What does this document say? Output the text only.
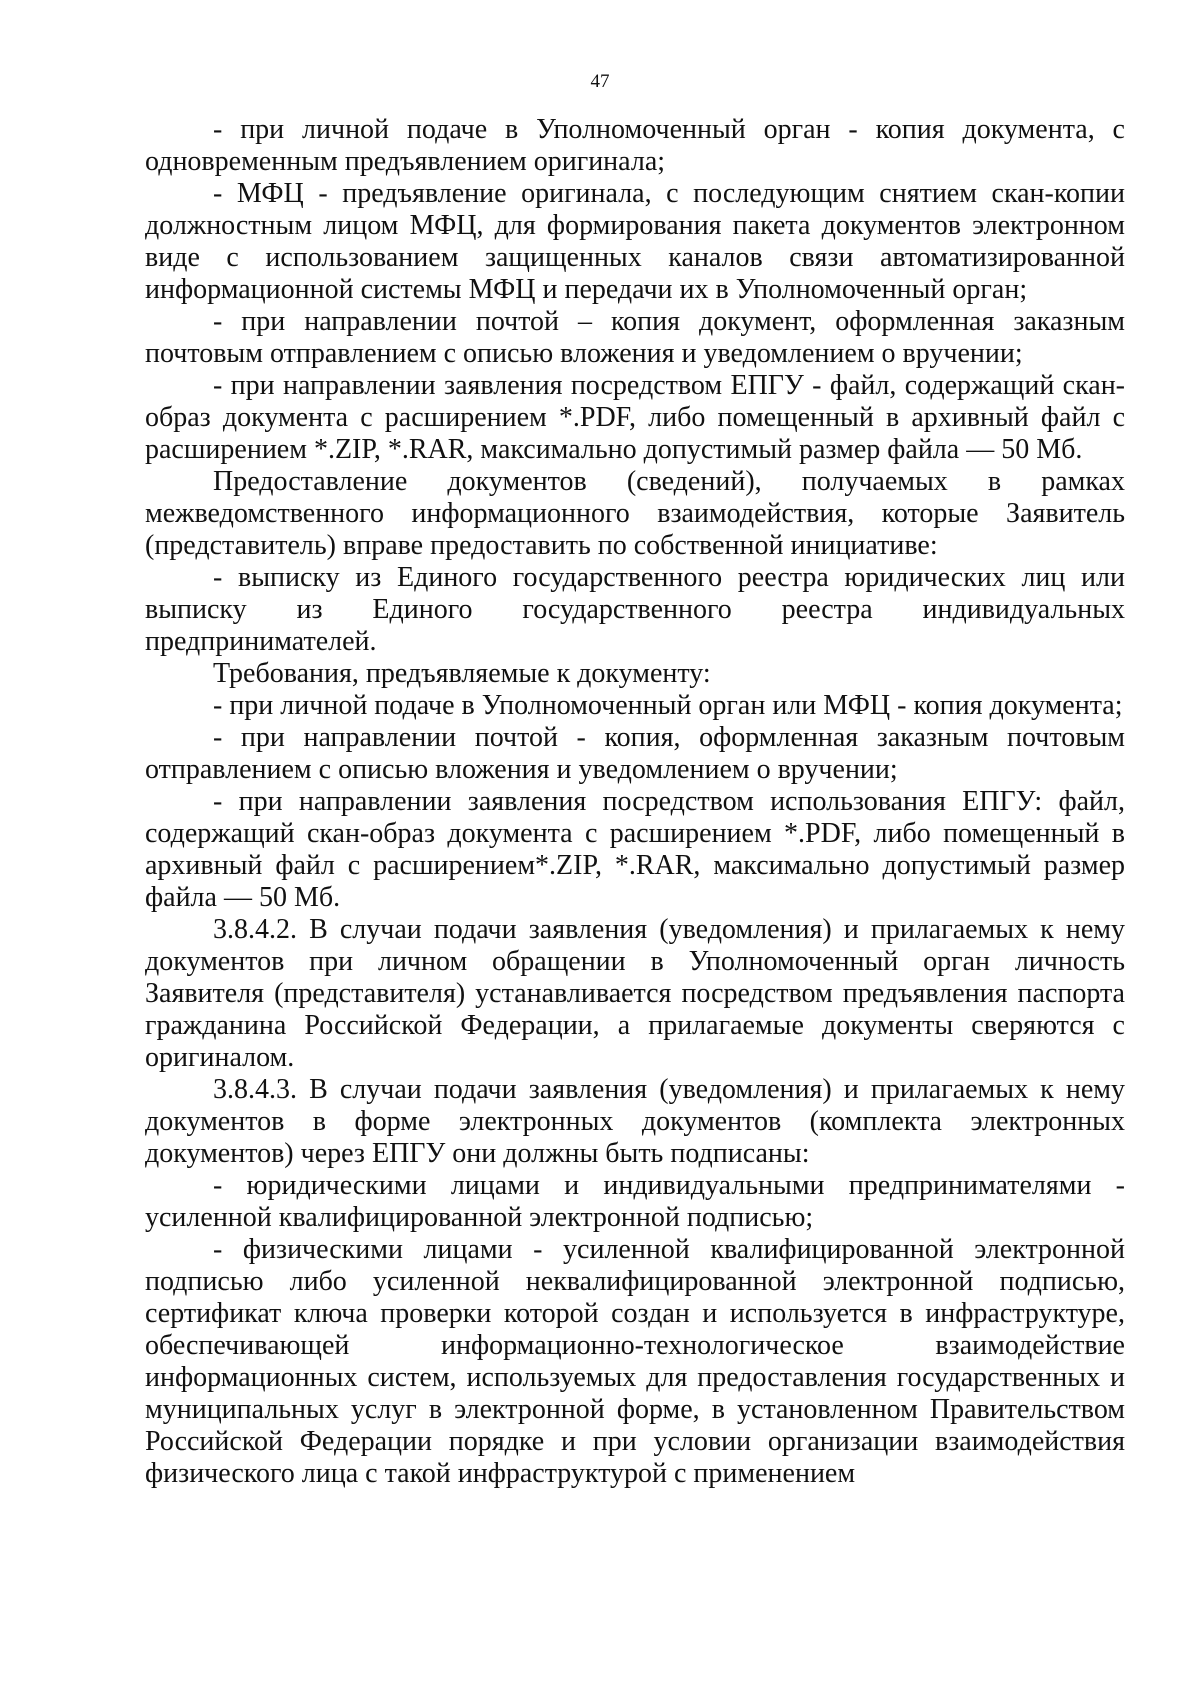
47

- при личной подаче в Уполномоченный орган - копия документа, с одновременным предъявлением оригинала;

- МФЦ - предъявление оригинала, с последующим снятием скан-копии должностным лицом МФЦ, для формирования пакета документов электронном виде с использованием защищенных каналов связи автоматизированной информационной системы МФЦ и передачи их в Уполномоченный орган;

- при направлении почтой – копия документ, оформленная заказным почтовым отправлением с описью вложения и уведомлением о вручении;

- при направлении заявления посредством ЕПГУ - файл, содержащий скан-образ документа с расширением *.PDF, либо помещенный в архивный файл с расширением *.ZIP, *.RAR, максимально допустимый размер файла — 50 Мб.

Предоставление документов (сведений), получаемых в рамках межведомственного информационного взаимодействия, которые Заявитель (представитель) вправе предоставить по собственной инициативе:

- выписку из Единого государственного реестра юридических лиц или выписку из Единого государственного реестра индивидуальных предпринимателей.

Требования, предъявляемые к документу:

- при личной подаче в Уполномоченный орган или МФЦ - копия документа;

- при направлении почтой - копия, оформленная заказным почтовым отправлением с описью вложения и уведомлением о вручении;

- при направлении заявления посредством использования ЕПГУ: файл, содержащий скан-образ документа с расширением *.PDF, либо помещенный в архивный файл с расширением*.ZIP, *.RAR, максимально допустимый размер файла — 50 Мб.

3.8.4.2. В случаи подачи заявления (уведомления) и прилагаемых к нему документов при личном обращении в Уполномоченный орган личность Заявителя (представителя) устанавливается посредством предъявления паспорта гражданина Российской Федерации, а прилагаемые документы сверяются с оригиналом.

3.8.4.3. В случаи подачи заявления (уведомления) и прилагаемых к нему документов в форме электронных документов (комплекта электронных документов) через ЕПГУ они должны быть подписаны:

- юридическими лицами и индивидуальными предпринимателями - усиленной квалифицированной электронной подписью;

- физическими лицами - усиленной квалифицированной электронной подписью либо усиленной неквалифицированной электронной подписью, сертификат ключа проверки которой создан и используется в инфраструктуре, обеспечивающей информационно-технологическое взаимодействие информационных систем, используемых для предоставления государственных и муниципальных услуг в электронной форме, в установленном Правительством Российской Федерации порядке и при условии организации взаимодействия физического лица с такой инфраструктурой с применением
